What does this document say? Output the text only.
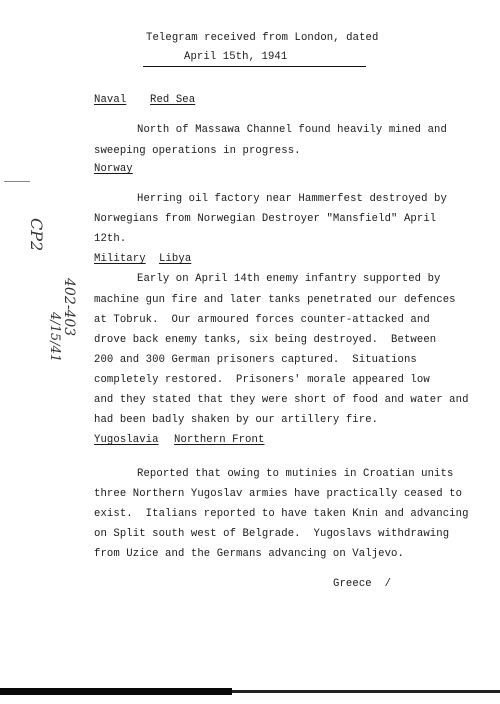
Telegram received from London, dated
April 15th, 1941
Naval Red Sea
North of Massawa Channel found heavily mined and
sweeping operations in progress.
Norway
Herring oil factory near Hammerfest destroyed by
Norwegians from Norwegian Destroyer "Mansfield" April
12th.
Military Libya
Early on April 14th enemy infantry supported by
machine gun fire and later tanks penetrated our defences
at Tobruk.  Our armoured forces counter-attacked and
drove back enemy tanks, six being destroyed.  Between
200 and 300 German prisoners captured.  Situations
completely restored.  Prisoners' morale appeared low
and they stated that they were short of food and water and
had been badly shaken by our artillery fire.
Yugoslavia Northern Front
Reported that owing to mutinies in Croatian units
three Northern Yugoslav armies have practically ceased to
exist.  Italians reported to have taken Knin and advancing
on Split south west of Belgrade.  Yugoslavs withdrawing
from Uzice and the Germans advancing on Valjevo.
Greece  /
CP2
402-403
4/15/41
